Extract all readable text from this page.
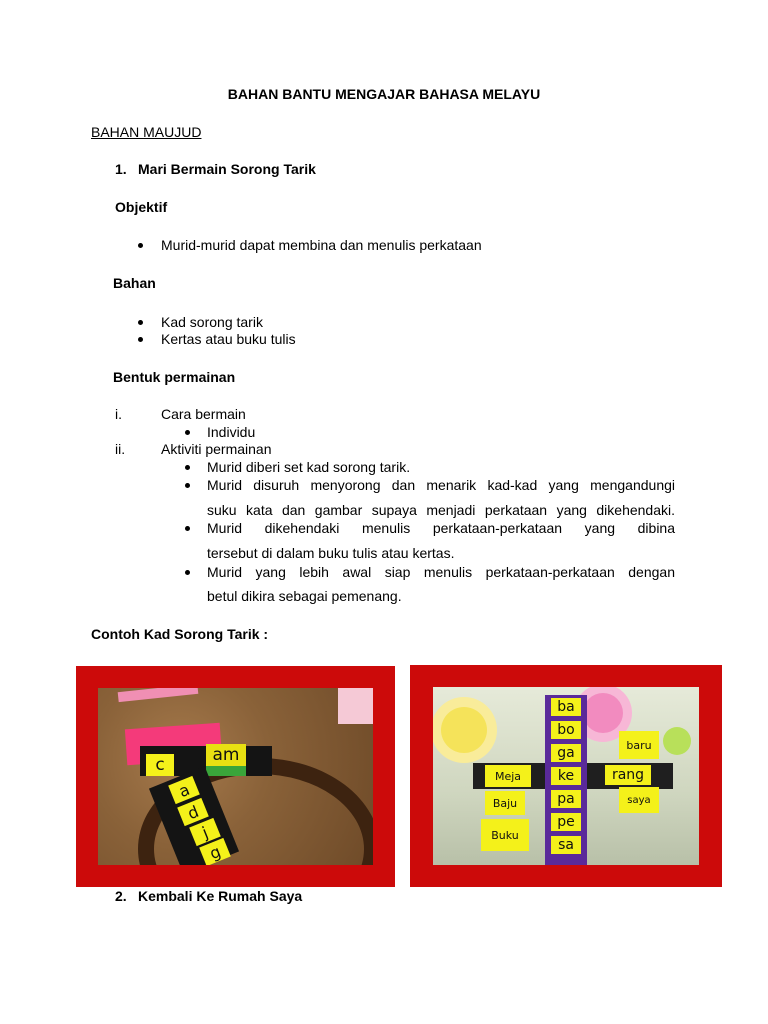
BAHAN BANTU MENGAJAR BAHASA MELAYU
BAHAN MAUJUD
1. Mari Bermain Sorong Tarik
Objektif
Murid-murid dapat membina dan menulis perkataan
Bahan
Kad sorong tarik
Kertas atau buku tulis
Bentuk permainan
i.	Cara bermain
Individu
ii.	Aktiviti permainan
Murid diberi set kad sorong tarik.
Murid disuruh menyorong dan menarik kad-kad yang mengandungi
suku kata dan gambar supaya menjadi perkataan yang dikehendaki.
Murid dikehendaki menulis perkataan-perkataan yang dibina
tersebut di dalam buku tulis atau kertas.
Murid yang lebih awal siap menulis perkataan-perkataan dengan
betul dikira sebagai pemenang.
Contoh Kad Sorong Tarik :
c	am
a
d
j
g
ba
bo
ga
ke
pa
pe
sa
Meja
Baju
Buku
baru
rang
saya
2. Kembali Ke Rumah Saya
